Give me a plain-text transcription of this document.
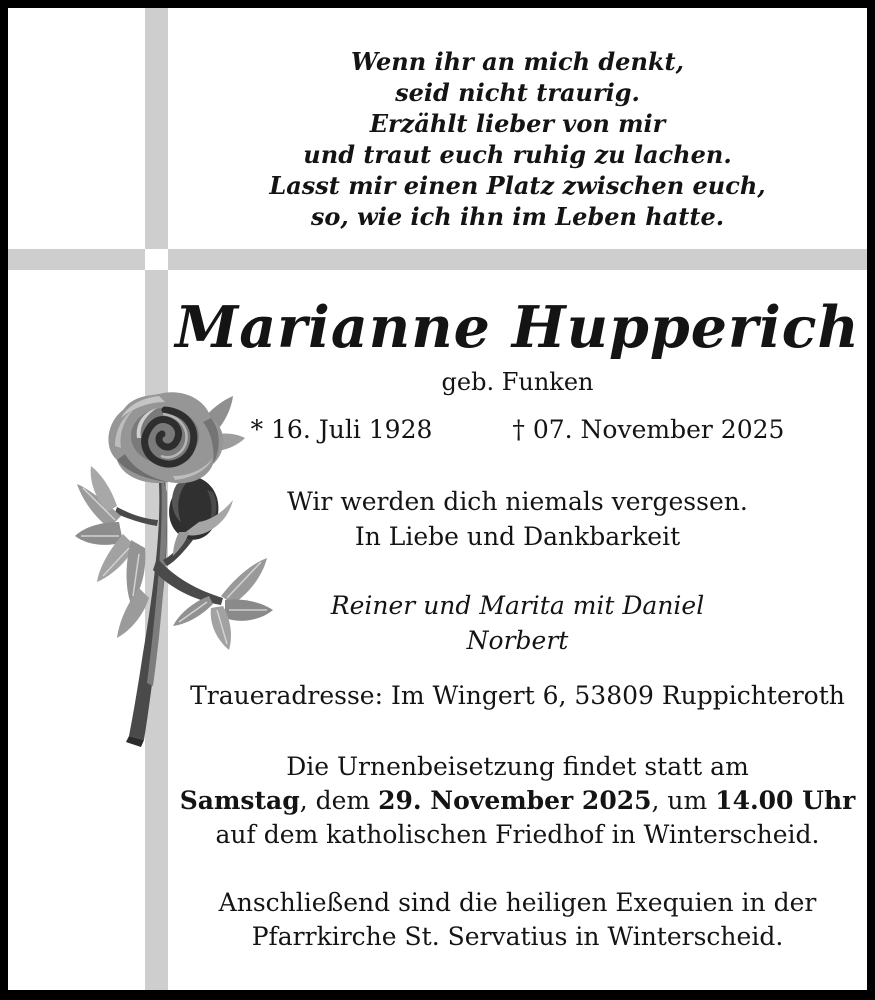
Wenn ihr an mich denkt,
seid nicht traurig.
Erzählt lieber von mir
und traut euch ruhig zu lachen.
Lasst mir einen Platz zwischen euch,
so, wie ich ihn im Leben hatte.
Marianne Hupperich
geb. Funken
* 16. Juli 1928	† 07. November 2025
Wir werden dich niemals vergessen.
In Liebe und Dankbarkeit
Reiner und Marita mit Daniel
Norbert
Traueradresse: Im Wingert 6, 53809 Ruppichteroth
Die Urnenbeisetzung findet statt am
Samstag, dem 29. November 2025, um 14.00 Uhr
auf dem katholischen Friedhof in Winterscheid.
Anschließend sind die heiligen Exequien in der
Pfarrkirche St. Servatius in Winterscheid.
